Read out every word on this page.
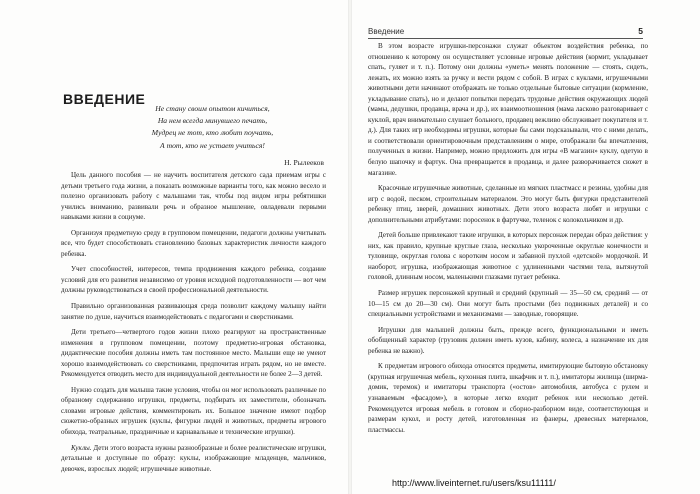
ВВЕДЕНИЕ

Не стану своим опытом кичиться,
На нем всегда минувшего печать,
Мудрец не тот, кто любит поучать,
А тот, кто не устает учиться!

Н. Рылееков

Цель данного пособия — не научить воспитателя детского сада приемам игры с детьми третьего года жизни, а показать возможные варианты того, как можно весело и полезно организовать работу с малышами так, чтобы под видом игры ребятишки учились вниманию, развивали речь и образное мышление, овладевали первыми навыками жизни в социуме.

Организуя предметную среду в групповом помещении, педагоги должны учитывать все, что будет способствовать становлению базовых характеристик личности каждого ребенка.

Учет способностей, интересов, темпа продвижения каждого ребенка, создание условий для его развития независимо от уровня исходной подготовленности — вот чем должны руководствоваться в своей профессиональной деятельности.

Правильно организованная развивающая среда позволит каждому малышу найти занятие по душе, научиться взаимодействовать с педагогами и сверстниками.

Дети третьего—четвертого годов жизни плохо реагируют на пространственные изменения в групповом помещении, поэтому предметно-игровая обстановка, дидактические пособия должны иметь там постоянное место. Малыши еще не умеют хорошо взаимодействовать со сверстниками, предпочитая играть рядом, но не вместе. Рекомендуется отводить место для индивидуальной деятельности не более 2—3 детей.

Нужно создать для малыша такие условия, чтобы он мог использовать различные по образному содержанию игрушки, предметы, подбирать их заместители, обозначать словами игровые действия, комментировать их. Большое значение имеют подбор сюжетно-образных игрушек (куклы, фигурки людей и животных, предметы игрового обихода, театральные, праздничные и карнавальные и технические игрушки).

Куклы. Дети этого возраста нужны разнообразные и более реалистические игрушки, детальные и доступные по образу: куклы, изображающие младенцев, мальчиков, девочек, взрослых людей; игрушечные животные.

Введение	5

В этом возрасте игрушки-персонажи служат объектом воздействия ребенка, по отношению к которому он осуществляет условные игровые действия (кормит, укладывает спать, гуляет и т. п.). Потому они должны «уметь» менять положение — стоять, сидеть, лежать, их можно взять за ручку и вести рядом с собой. В играх с куклами, игрушечными животными дети начинают отображать не только отдельные бытовые ситуации (кормление, укладывание спать), но и делают попытки передать трудовые действия окружающих людей (мамы, дедушки, продавца, врача и др.), их взаимоотношения (мама ласково разговаривает с куклой, врач внимательно слушает больного, продавец вежливо обслуживает покупателя и т. д.). Для таких игр необходимы игрушки, которые бы сами подсказывали, что с ними делать, и соответствовали ориентировочным представлениям о мире, отображали бы впечатления, полученных в жизни. Например, можно предложить для игры «В магазин» куклу, одетую в белую шапочку и фартук. Она превращается в продавца, и далее разворачивается сюжет в магазине.

Красочные игрушечные животные, сделанные из мягких пластмасс и резины, удобны для игр с водой, песком, строительным материалом. Это могут быть фигурки представителей ребенку птиц, зверей, домашних животных. Дети этого возраста любят и игрушки с дополнительными атрибутами: поросенок в фартучке, теленок с колокольчиком и др.

Детей больше привлекают такие игрушки, в которых персонаж передан образ действия: у них, как правило, крупные круглые глаза, несколько укороченные округлые конечности и туловище, округлая голова с коротким носом и забавной пухлой «детской» мордочкой. И наоборот, игрушка, изображающая животное с удлиненными частями тела, вытянутой головой, длинным носом, маленькими глазками пугает ребенка.

Размер игрушек персонажей крупный и средний (крупный — 35—50 см, средний — от 10—15 см до 20—30 см). Они могут быть простыми (без подвижных деталей) и со специальными устройствами и механизмами — заводные, говорящие.

Игрушки для малышей должны быть, прежде всего, функциональными и иметь обобщенный характер (грузовик должен иметь кузов, кабину, колеса, а назначение их для ребенка не важно).

К предметам игрового обихода относятся предметы, имитирующие бытовую обстановку (крупная игрушечная мебель, кухонная плита, шкафчик и т. п.), имитаторы жилища (ширма-домик, теремок) и имитаторы транспорта («остов» автомобиля, автобуса с рулем и узнаваемым «фасадом»), в которые легко входит ребенок или несколько детей. Рекомендуется игровая мебель в готовом и сборно-разборном виде, соответствующая и размерам кукол, и росту детей, изготовленная из фанеры, древесных материалов, пластмассы.

http://www.liveinternet.ru/users/ksu11111/
